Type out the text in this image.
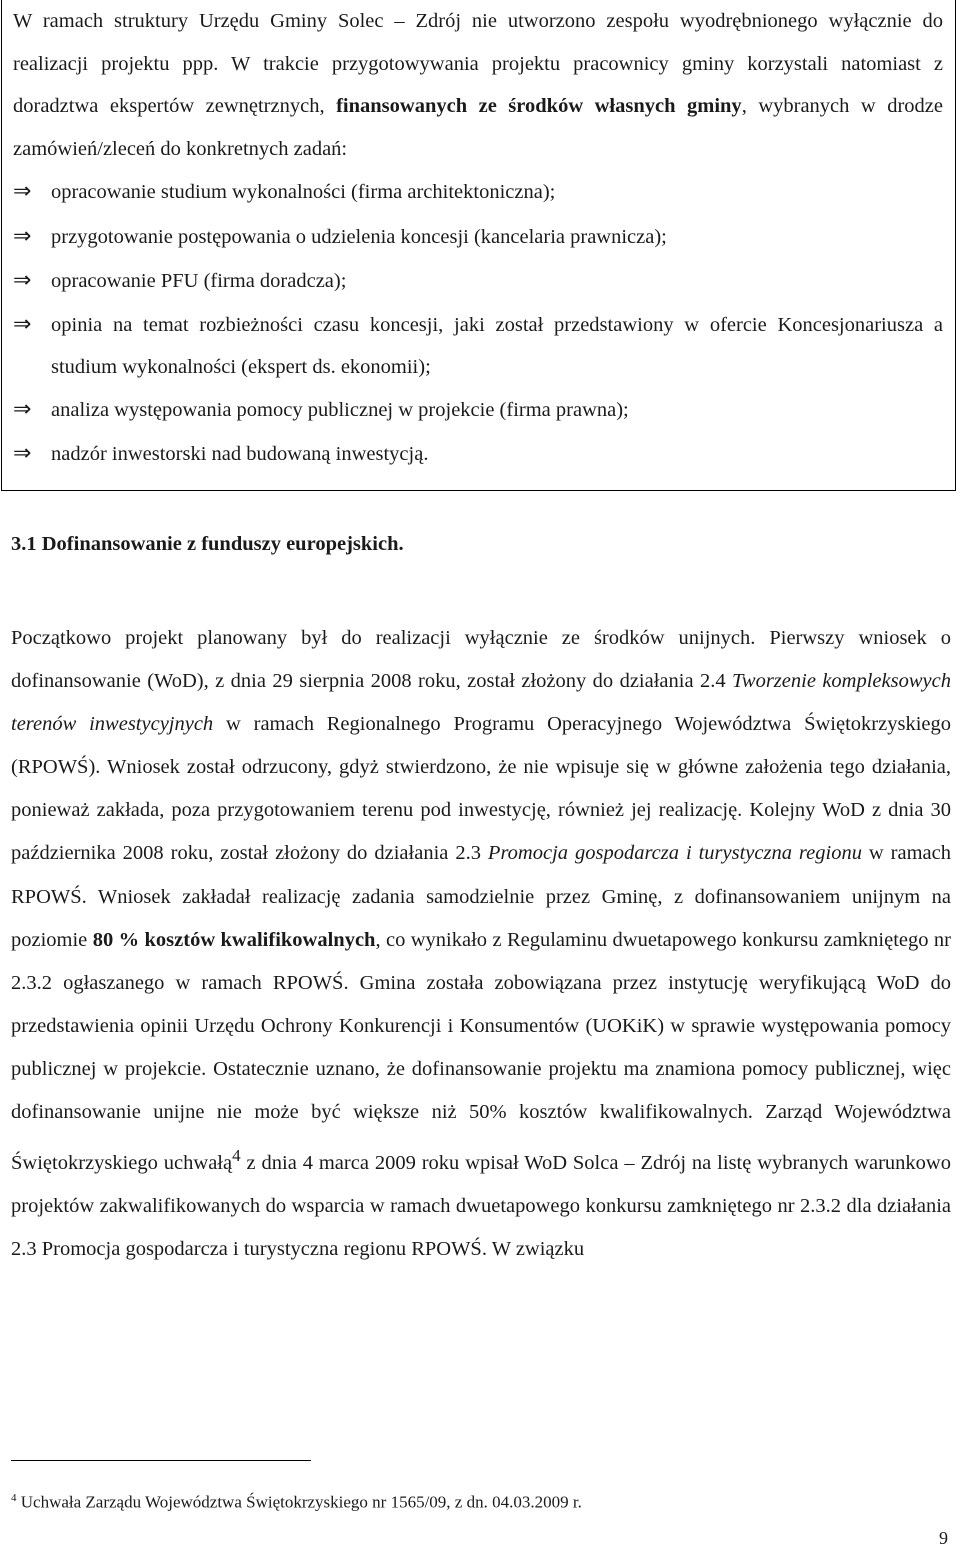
W ramach struktury Urzędu Gminy Solec – Zdrój nie utworzono zespołu wyodrębnionego wyłącznie do realizacji projektu ppp. W trakcie przygotowywania projektu pracownicy gminy korzystali natomiast z doradztwa ekspertów zewnętrznych, finansowanych ze środków własnych gminy, wybranych w drodze zamówień/zleceń do konkretnych zadań:

⇒ opracowanie studium wykonalności (firma architektoniczna);
⇒ przygotowanie postępowania o udzielenia koncesji (kancelaria prawnicza);
⇒ opracowanie PFU (firma doradcza);
⇒ opinia na temat rozbieżności czasu koncesji, jaki został przedstawiony w ofercie Koncesjonariusza a studium wykonalności (ekspert ds. ekonomii);
⇒ analiza występowania pomocy publicznej w projekcie (firma prawna);
⇒ nadzór inwestorski nad budowaną inwestycją.
3.1 Dofinansowanie z funduszy europejskich.

Początkowo projekt planowany był do realizacji wyłącznie ze środków unijnych. Pierwszy wniosek o dofinansowanie (WoD), z dnia 29 sierpnia 2008 roku, został złożony do działania 2.4 Tworzenie kompleksowych terenów inwestycyjnych w ramach Regionalnego Programu Operacyjnego Województwa Świętokrzyskiego (RPOWŚ). Wniosek został odrzucony, gdyż stwierdzono, że nie wpisuje się w główne założenia tego działania, ponieważ zakłada, poza przygotowaniem terenu pod inwestycję, również jej realizację. Kolejny WoD z dnia 30 października 2008 roku, został złożony do działania 2.3 Promocja gospodarcza i turystyczna regionu w ramach RPOWŚ. Wniosek zakładał realizację zadania samodzielnie przez Gminę, z dofinansowaniem unijnym na poziomie 80 % kosztów kwalifikowalnych, co wynikało z Regulaminu dwuetapowego konkursu zamkniętego nr 2.3.2 ogłaszanego w ramach RPOWŚ. Gmina została zobowiązana przez instytucję weryfikującą WoD do przedstawienia opinii Urzędu Ochrony Konkurencji i Konsumentów (UOKiK) w sprawie występowania pomocy publicznej w projekcie. Ostatecznie uznano, że dofinansowanie projektu ma znamiona pomocy publicznej, więc dofinansowanie unijne nie może być większe niż 50% kosztów kwalifikowalnych. Zarząd Województwa Świętokrzyskiego uchwałą$^4$ z dnia 4 marca 2009 roku wpisał WoD Solca – Zdrój na listę wybranych warunkowo projektów zakwalifikowanych do wsparcia w ramach dwuetapowego konkursu zamkniętego nr 2.3.2 dla działania 2.3 Promocja gospodarcza i turystyczna regionu RPOWŚ. W związku

$^4$ Uchwała Zarządu Województwa Świętokrzyskiego nr 1565/09, z dn. 04.03.2009 r.

9
